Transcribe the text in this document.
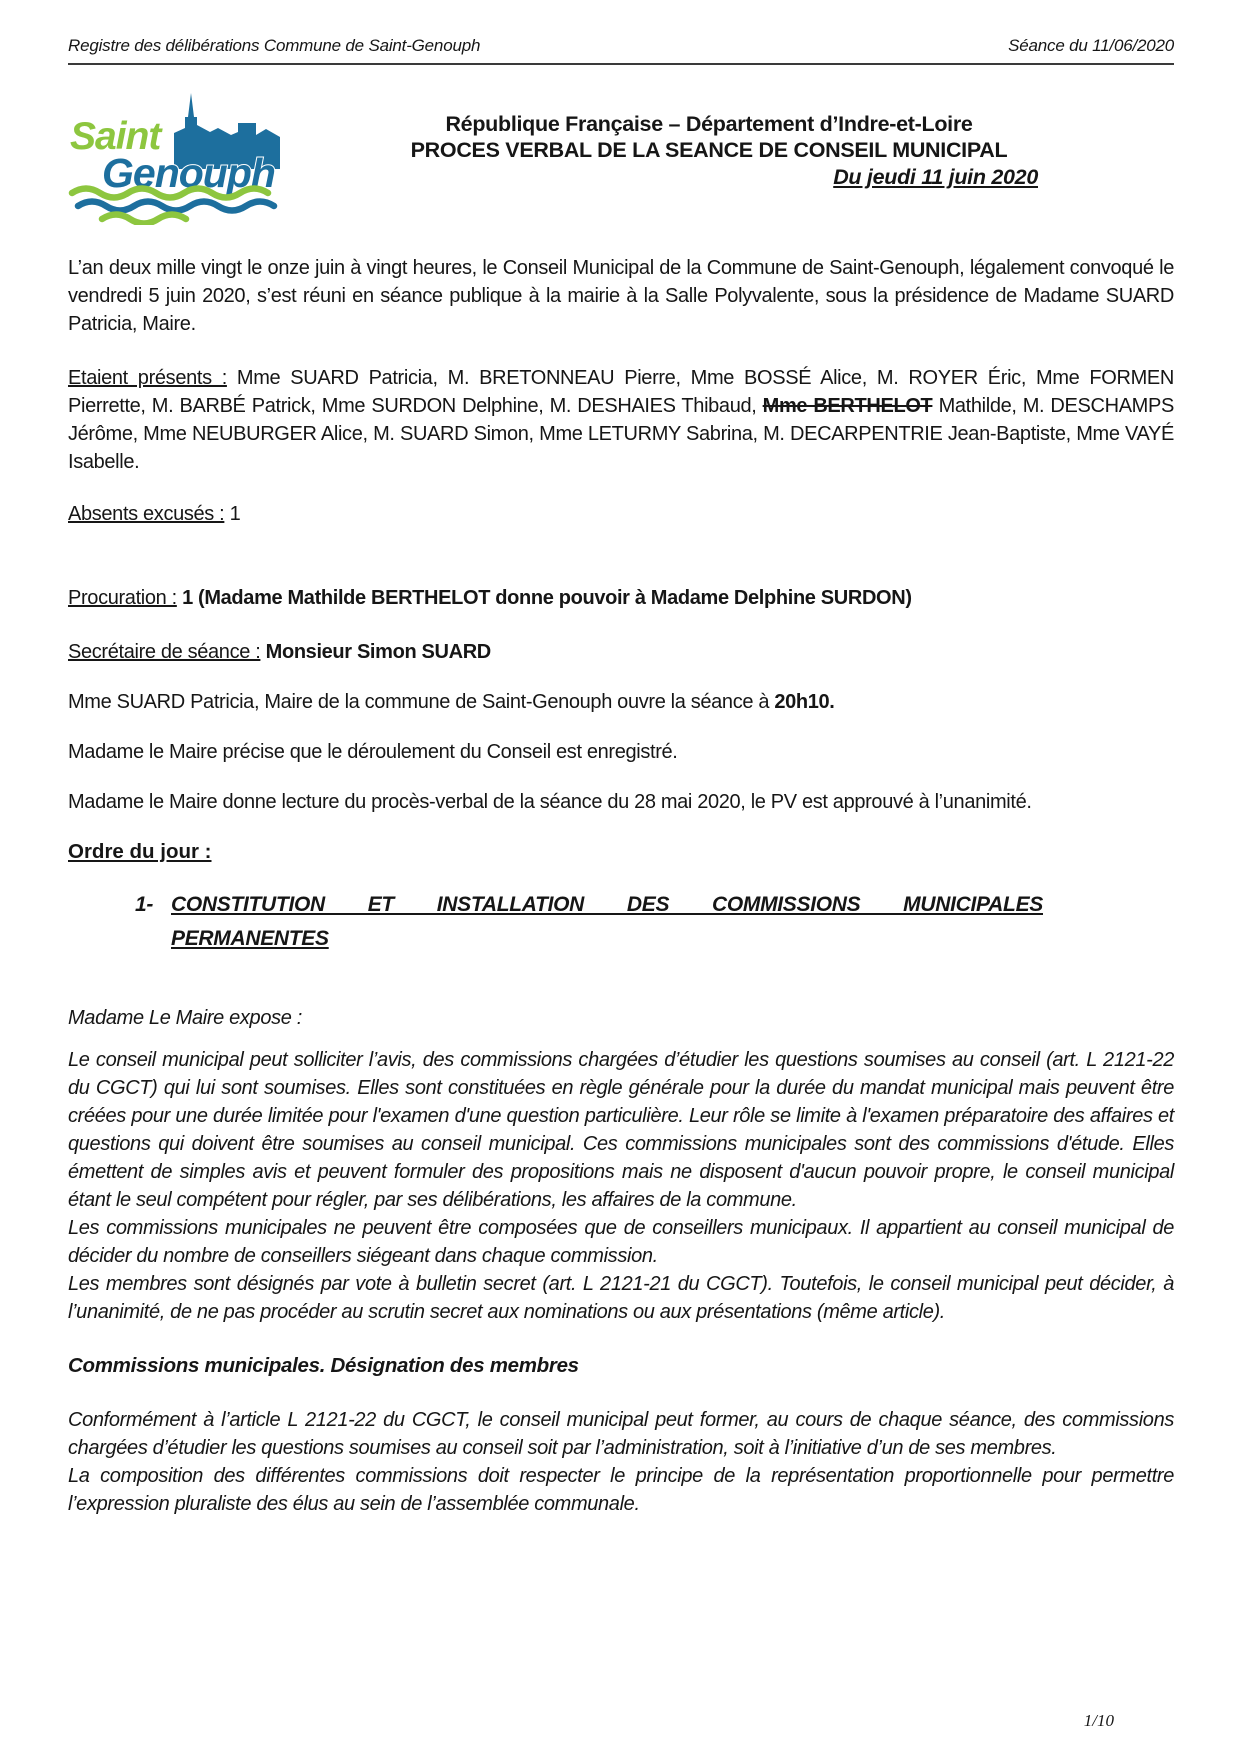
Registre des délibérations Commune de Saint-Genouph	Séance du 11/06/2020
Saint
Genouph
République Française – Département d’Indre-et-Loire
PROCES VERBAL DE LA SEANCE DE CONSEIL MUNICIPAL
Du jeudi 11 juin 2020

L’an deux mille vingt le onze juin à vingt heures, le Conseil Municipal de la Commune de Saint-Genouph, légalement convoqué le vendredi 5 juin 2020, s’est réuni en séance publique à la mairie à la Salle Polyvalente, sous la présidence de Madame SUARD Patricia, Maire.

Etaient présents : Mme SUARD Patricia, M. BRETONNEAU Pierre, Mme BOSSÉ Alice, M. ROYER Éric, Mme FORMEN Pierrette, M. BARBÉ Patrick, Mme SURDON Delphine, M. DESHAIES Thibaud, Mme BERTHELOT Mathilde, M. DESCHAMPS Jérôme, Mme NEUBURGER Alice, M. SUARD Simon, Mme LETURMY Sabrina, M. DECARPENTRIE Jean-Baptiste, Mme VAYÉ Isabelle.

Absents excusés : 1

Procuration : 1 (Madame Mathilde BERTHELOT donne pouvoir à Madame Delphine SURDON)

Secrétaire de séance : Monsieur Simon SUARD

Mme SUARD Patricia, Maire de la commune de Saint-Genouph ouvre la séance à 20h10.

Madame le Maire précise que le déroulement du Conseil est enregistré.

Madame le Maire donne lecture du procès-verbal de la séance du 28 mai 2020, le PV est approuvé à l’unanimité.

Ordre du jour :
1- CONSTITUTION ET INSTALLATION DES COMMISSIONS MUNICIPALES
PERMANENTES

Madame Le Maire expose :

Le conseil municipal peut solliciter l’avis, des commissions chargées d’étudier les questions soumises au conseil (art. L 2121-22 du CGCT) qui lui sont soumises. Elles sont constituées en règle générale pour la durée du mandat municipal mais peuvent être créées pour une durée limitée pour l'examen d'une question particulière. Leur rôle se limite à l'examen préparatoire des affaires et questions qui doivent être soumises au conseil municipal. Ces commissions municipales sont des commissions d'étude. Elles émettent de simples avis et peuvent formuler des propositions mais ne disposent d'aucun pouvoir propre, le conseil municipal étant le seul compétent pour régler, par ses délibérations, les affaires de la commune.

Les commissions municipales ne peuvent être composées que de conseillers municipaux. Il appartient au conseil municipal de décider du nombre de conseillers siégeant dans chaque commission.

Les membres sont désignés par vote à bulletin secret (art. L 2121-21 du CGCT). Toutefois, le conseil municipal peut décider, à l’unanimité, de ne pas procéder au scrutin secret aux nominations ou aux présentations (même article).

Commissions municipales. Désignation des membres

Conformément à l’article L 2121-22 du CGCT, le conseil municipal peut former, au cours de chaque séance, des commissions chargées d’étudier les questions soumises au conseil soit par l’administration, soit à l’initiative d’un de ses membres.

La composition des différentes commissions doit respecter le principe de la représentation proportionnelle pour permettre l’expression pluraliste des élus au sein de l’assemblée communale.

1/10
